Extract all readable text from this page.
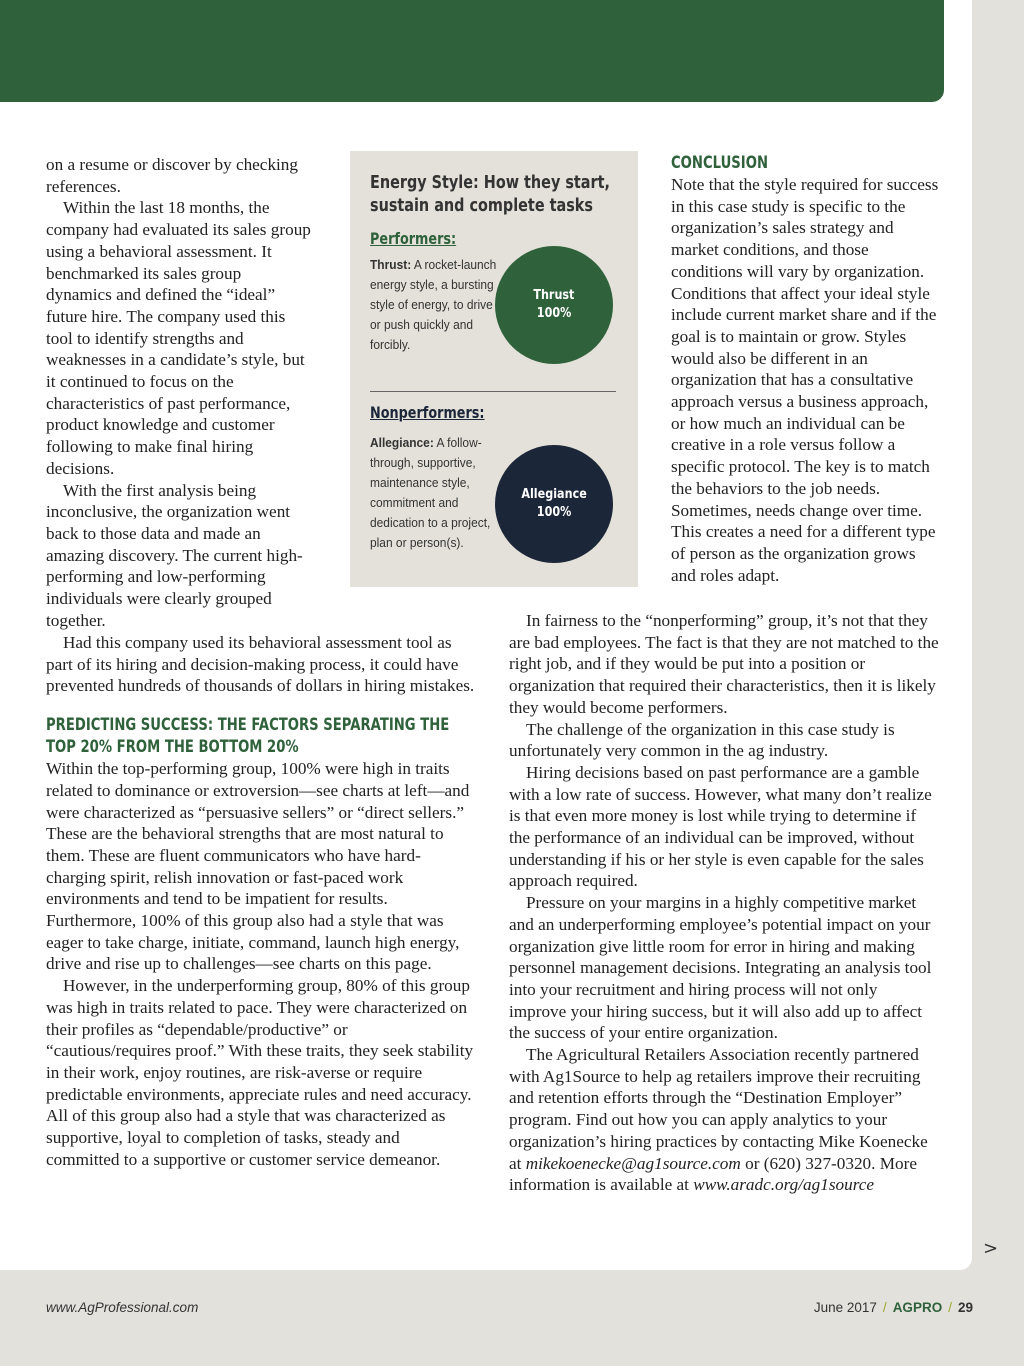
on a resume or discover by checking references.

Within the last 18 months, the company had evaluated its sales group using a behavioral assessment. It benchmarked its sales group dynamics and defined the “ideal” future hire. The company used this tool to identify strengths and weaknesses in a candidate’s style, but it continued to focus on the characteristics of past performance, product knowledge and customer following to make final hiring decisions.

With the first analysis being inconclusive, the organization went back to those data and made an amazing discovery. The current high-performing and low-performing individuals were clearly grouped together.

Had this company used its behavioral assessment tool as part of its hiring and decision-making process, it could have prevented hundreds of thousands of dollars in hiring mistakes.

PREDICTING SUCCESS: THE FACTORS SEPARATING THE TOP 20% FROM THE BOTTOM 20%

Within the top-performing group, 100% were high in traits related to dominance or extroversion—see charts at left—and were characterized as “persuasive sellers” or “direct sellers.” These are the behavioral strengths that are most natural to them. These are fluent communicators who have hard-charging spirit, relish innovation or fast-paced work environments and tend to be impatient for results. Furthermore, 100% of this group also had a style that was eager to take charge, initiate, command, launch high energy, drive and rise up to challenges—see charts on this page.

However, in the underperforming group, 80% of this group was high in traits related to pace. They were characterized on their profiles as “dependable/productive” or “cautious/requires proof.” With these traits, they seek stability in their work, enjoy routines, are risk-averse or require predictable environments, appreciate rules and need accuracy. All of this group also had a style that was characterized as supportive, loyal to completion of tasks, steady and committed to a supportive or customer service demeanor.

Energy Style: How they start, sustain and complete tasks
Performers:
Thrust: A rocket-launch energy style, a bursting style of energy, to drive or push quickly and forcibly.
Thrust
100%
Nonperformers:
Allegiance: A follow-through, supportive, maintenance style, commitment and dedication to a project, plan or person(s).
Allegiance
100%

CONCLUSION

Note that the style required for success in this case study is specific to the organization’s sales strategy and market conditions, and those conditions will vary by organization. Conditions that affect your ideal style include current market share and if the goal is to maintain or grow. Styles would also be different in an organization that has a consultative approach versus a business approach, or how much an individual can be creative in a role versus follow a specific protocol. The key is to match the behaviors to the job needs. Sometimes, needs change over time. This creates a need for a different type of person as the organization grows and roles adapt.

In fairness to the “nonperforming” group, it’s not that they are bad employees. The fact is that they are not matched to the right job, and if they would be put into a position or organization that required their characteristics, then it is likely they would become performers.

The challenge of the organization in this case study is unfortunately very common in the ag industry.

Hiring decisions based on past performance are a gamble with a low rate of success. However, what many don’t realize is that even more money is lost while trying to determine if the performance of an individual can be improved, without understanding if his or her style is even capable for the sales approach required.

Pressure on your margins in a highly competitive market and an underperforming employee’s potential impact on your organization give little room for error in hiring and making personnel management decisions. Integrating an analysis tool into your recruitment and hiring process will not only improve your hiring success, but it will also add up to affect the success of your entire organization.

The Agricultural Retailers Association recently partnered with Ag1Source to help ag retailers improve their recruiting and retention efforts through the “Destination Employer” program. Find out how you can apply analytics to your organization’s hiring practices by contacting Mike Koenecke at mikekoenecke@ag1source.com or (620) 327-0320. More information is available at www.aradc.org/ag1source

>
www.AgProfessional.com	June 2017 / AGPRO / 29
